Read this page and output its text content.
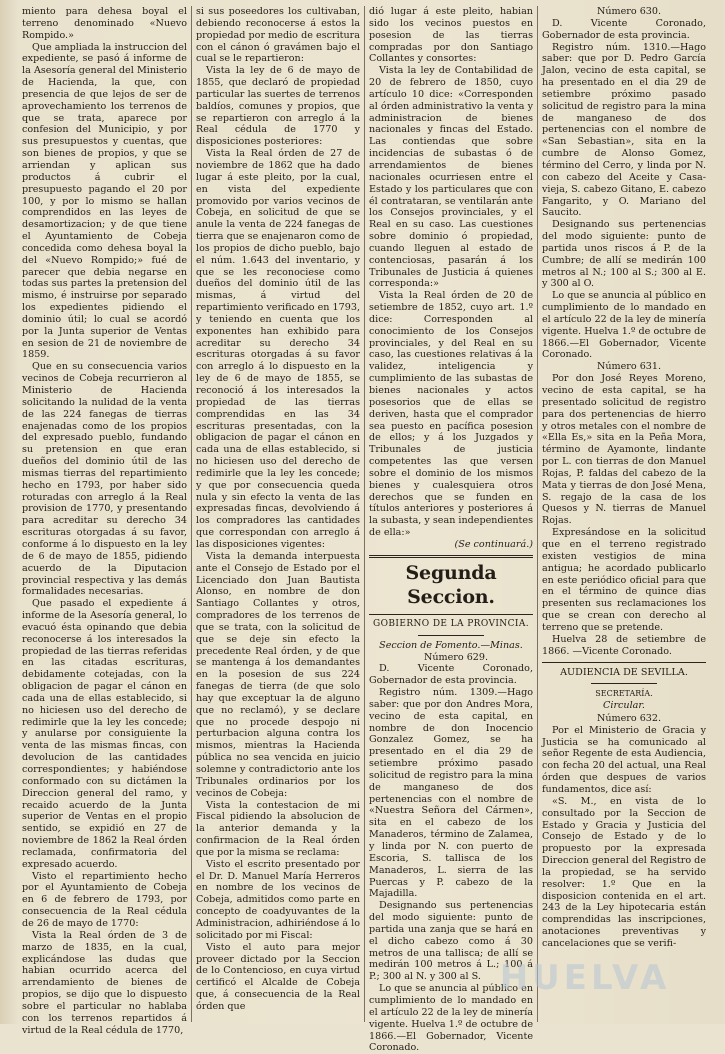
miento para dehesa boyal el terreno denominado «Nuevo Rompido.»

Que ampliada la instruccion del expediente, se pasó á informe de la Asesoría general del Ministerio de Hacienda, la que, con presencia de que lejos de ser de aprovechamiento los terrenos de que se trata, aparece por confesion del Municipio, y por sus presupuestos y cuentas, que son bienes de propios, y que se arriendan y aplican sus productos á cubrir el presupuesto pagando el 20 por 100, y por lo mismo se hallan comprendidos en las leyes de desamortizacion; y de que tiene el Ayuntamiento de Cobeja concedida como dehesa boyal la del «Nuevo Rompido;» fué de parecer que debia negarse en todas sus partes la pretension del mismo, é instruirse por separado los expedientes pidiendo el dominio útil; lo cual se acordó por la Junta superior de Ventas en sesion de 21 de noviembre de 1859.

Que en su consecuencia varios vecinos de Cobeja recurrieron al Ministerio de Hacienda solicitando la nulidad de la venta de las 224 fanegas de tierras enajenadas como de los propios del expresado pueblo, fundando su pretension en que eran dueños del dominio útil de las mismas tierras del repartimiento hecho en 1793, por haber sido roturadas con arreglo á la Real provision de 1770, y presentando para acreditar su derecho 34 escrituras otorgadas á su favor, conforme á lo dispuesto en la ley de 6 de mayo de 1855, pidiendo acuerdo de la Diputacion provincial respectiva y las demás formalidades necesarias.

Que pasado el expediente á informe de la Asesoría general, lo evacuó ésta opinando que debia reconocerse á los interesados la propiedad de las tierras referidas en las citadas escrituras, debidamente cotejadas, con la obligacion de pagar el cánon en cada una de ellas establecido, si no hiciesen uso del derecho de redimirle que la ley les concede; y anularse por consiguiente la venta de las mismas fincas, con devolucion de las cantidades correspondientes; y habiéndose conformado con su dictámen la Direccion general del ramo, y recaido acuerdo de la Junta superior de Ventas en el propio sentido, se expidió en 27 de noviembre de 1862 la Real órden reclamada, confirmatoria del expresado acuerdo.

Visto el repartimiento hecho por el Ayuntamiento de Cobeja en 6 de febrero de 1793, por consecuencia de la Real cédula de 26 de mayo de 1770:

Vista la Real órden de 3 de marzo de 1835, en la cual, explicándose las dudas que habian ocurrido acerca del arrendamiento de bienes de propios, se dijo que lo dispuesto sobre el particular no hablaba con los terrenos repartidos á virtud de la Real cédula de 1770,

si sus poseedores los cultivaban, debiendo reconocerse á estos la propiedad por medio de escritura con el cánon ó gravámen bajo el cual se le repartieron:

Vista la ley de 6 de mayo de 1855, que declaró de propiedad particular las suertes de terrenos baldíos, comunes y propios, que se repartieron con arreglo á la Real cédula de 1770 y disposiciones posteriores:

Vista la Real órden de 27 de noviembre de 1862 que ha dado lugar á este pleito, por la cual, en vista del expediente promovido por varios vecinos de Cobeja, en solicitud de que se anule la venta de 224 fanegas de tierra que se enajenaron como de los propios de dicho pueblo, bajo el núm. 1.643 del inventario, y que se les reconociese como dueños del dominio útil de las mismas, á virtud del repartimiento verificado en 1793, y teniendo en cuenta que los exponentes han exhibido para acreditar su derecho 34 escrituras otorgadas á su favor con arreglo á lo dispuesto en la ley de 6 de mayo de 1855, se reconoció á los interesados la propiedad de las tierras comprendidas en las 34 escrituras presentadas, con la obligacion de pagar el cánon en cada una de ellas establecido, si no hiciesen uso del derecho de redimirle que la ley les concede; y que por consecuencia queda nula y sin efecto la venta de las expresadas fincas, devolviendo á los compradores las cantidades que correspondan con arreglo á las disposiciones vigentes:

Vista la demanda interpuesta ante el Consejo de Estado por el Licenciado don Juan Bautista Alonso, en nombre de don Santiago Collantes y otros, compradores de los terrenos de que se trata, con la solicitud de que se deje sin efecto la precedente Real órden, y de que se mantenga á los demandantes en la posesion de sus 224 fanegas de tierra (de que solo hay que exceptuar la de alguno que no reclamó), y se declare que no procede despojo ni perturbacion alguna contra los mismos, mientras la Hacienda pública no sea vencida en juicio solemne y contradictorio ante los Tribunales ordinarios por los vecinos de Cobeja:

Vista la contestacion de mi Fiscal pidiendo la absolucion de la anterior demanda y la confirmacion de la Real órden que por la misma se reclama:

Visto el escrito presentado por el Dr. D. Manuel María Herreros en nombre de los vecinos de Cobeja, admitidos como parte en concepto de coadyuvantes de la Administracion, adhiriéndose á lo solicitado por mi Fiscal:

Visto el auto para mejor proveer dictado por la Seccion de lo Contencioso, en cuya virtud certificó el Alcalde de Cobeja que, á consecuencia de la Real órden que

dió lugar á este pleito, habian sido los vecinos puestos en posesion de las tierras compradas por don Santiago Collantes y consortes:

Vista la ley de Contabilidad de 20 de febrero de 1850, cuyo artículo 10 dice: «Corresponden al órden administrativo la venta y administracion de bienes nacionales y fincas del Estado. Las contiendas que sobre incidencias de subastas ó de arrendamientos de bienes nacionales ocurriesen entre el Estado y los particulares que con él contrataran, se ventilarán ante los Consejos provinciales, y el Real en su caso. Las cuestiones sobre dominio ó propiedad, cuando lleguen al estado de contenciosas, pasarán á los Tribunales de Justicia á quienes corresponda:»

Vista la Real órden de 20 de setiembre de 1852, cuyo art. 1.º dice: Corresponden al conocimiento de los Consejos provinciales, y del Real en su caso, las cuestiones relativas á la validez, inteligencia y cumplimiento de las subastas de bienes nacionales y actos posesorios que de ellas se deriven, hasta que el comprador sea puesto en pacífica posesion de ellos; y á los Juzgados y Tribunales de justicia competentes las que versen sobre el dominio de los mismos bienes y cualesquiera otros derechos que se funden en títulos anteriores y posteriores á la subasta, y sean independientes de ella:»

(Se continuará.)

Segunda Seccion.
GOBIERNO DE LA PROVINCIA.

Seccion de Fomento.—Minas.

Número 629.

D. Vicente Coronado, Gobernador de esta provincia.

Registro núm. 1309.—Hago saber: que por don Andres Mora, vecino de esta capital, en nombre de don Inocencio Gonzalez Gomez, se ha presentado en el dia 29 de setiembre próximo pasado solicitud de registro para la mina de manganeso de dos pertenencias con el nombre de «Nuestra Señora del Cármen», sita en el cabezo de los Manaderos, término de Zalamea, y linda por N. con puerto de Escoria, S. tallisca de los Manaderos, L. sierra de las Puercas y P. cabezo de la Majadilla.

Designando sus pertenencias del modo siguiente: punto de partida una zanja que se hará en el dicho cabezo como á 30 metros de una tallisca; de allí se medirán 100 metros á L.; 100 á P.; 300 al N. y 300 al S.

Lo que se anuncia al público en cumplimiento de lo mandado en el artículo 22 de la ley de minería vigente. Huelva 1.º de octubre de 1866.—El Gobernador, Vicente Coronado.

Número 630.

D. Vicente Coronado, Gobernador de esta provincia.

Registro núm. 1310.—Hago saber: que por D. Pedro García Jalon, vecino de esta capital, se ha presentado en el dia 29 de setiembre próximo pasado solicitud de registro para la mina de manganeso de dos pertenencias con el nombre de «San Sebastian», sita en la cumbre de Alonso Gomez, término del Cerro, y linda por N. con cabezo del Aceite y Casa-vieja, S. cabezo Gitano, E. cabezo Fangarito, y O. Mariano del Saucito.

Designando sus pertenencias del modo siguiente: punto de partida unos riscos á P. de la Cumbre; de allí se medirán 100 metros al N.; 100 al S.; 300 al E. y 300 al O.

Lo que se anuncia al público en cumplimiento de lo mandado en el artículo 22 de la ley de minería vigente. Huelva 1.º de octubre de 1866.—El Gobernador, Vicente Coronado.

Número 631.

Por don José Reyes Moreno, vecino de esta capital, se ha presentado solicitud de registro para dos pertenencias de hierro y otros metales con el nombre de «Ella Es,» sita en la Peña Mora, término de Ayamonte, lindante por L. con tierras de don Manuel Rojas, P. faldas del cabezo de la Mata y tierras de don José Mena, S. regajo de la casa de los Quesos y N. tierras de Manuel Rojas.

Expresándose en la solicitud que en el terreno registrado existen vestigios de mina antigua; he acordado publicarlo en este periódico oficial para que en el término de quince dias presenten sus reclamaciones los que se crean con derecho al terreno que se pretende.

Huelva 28 de setiembre de 1866. —Vicente Coronado.

AUDIENCIA DE SEVILLA.

SECRETARÍA.

Circular.

Número 632.

Por el Ministerio de Gracia y Justicia se ha comunicado al señor Regente de esta Audiencia, con fecha 20 del actual, una Real órden que despues de varios fundamentos, dice así:

«S. M., en vista de lo consultado por la Seccion de Estado y Gracia y Justicia del Consejo de Estado y de lo propuesto por la expresada Direccion general del Registro de la propiedad, se ha servido resolver: 1.º Que en la disposicion contenida en el art. 243 de la Ley hipotecaria están comprendidas las inscripciones, anotaciones preventivas y cancelaciones que se verifi-

HUELVA
